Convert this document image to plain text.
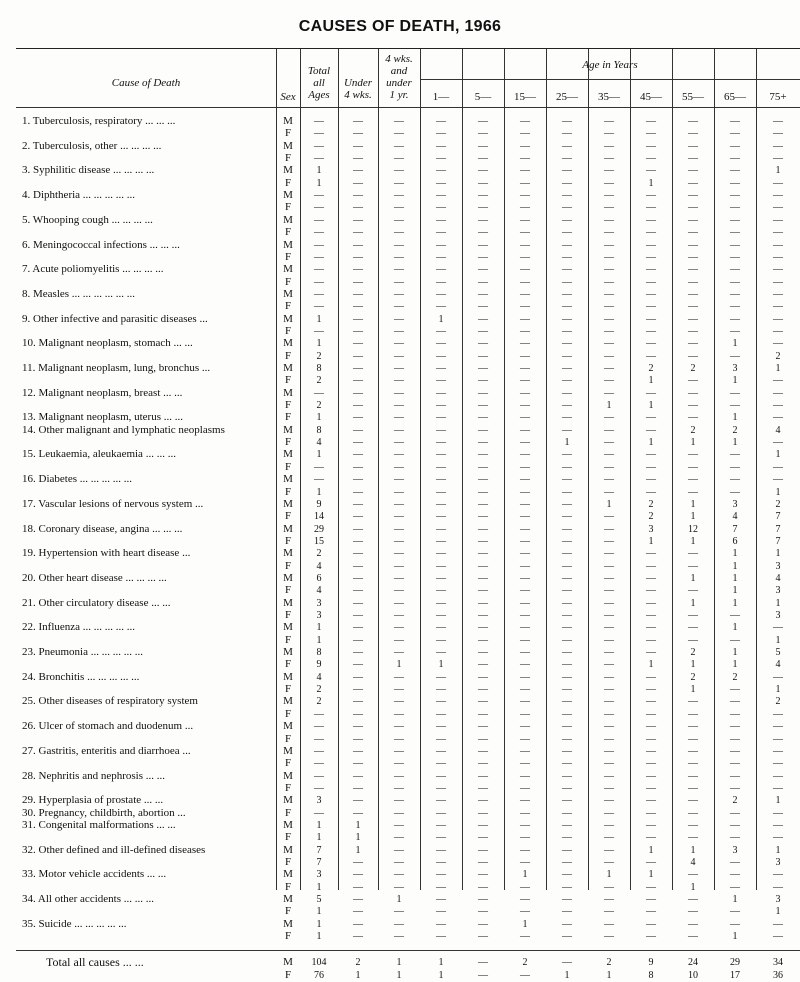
CAUSES OF DEATH, 1966
Cause of Death
Sex
Total
all
Ages
Under
4 wks.
4 wks.
and
under
1 yr.
Age in Years
1—	5—	15—	25—	35—	45—	55—	65—	75+
1. Tuberculosis, respiratory ... ... ...	M	—	—	—	—	—	—	—	—	—	—	—	—
F	—	—	—	—	—	—	—	—	—	—	—	—
2. Tuberculosis, other ... ... ... ...	M	—	—	—	—	—	—	—	—	—	—	—	—
F	—	—	—	—	—	—	—	—	—	—	—	—
3. Syphilitic disease ... ... ... ...	M	1	—	—	—	—	—	—	—	—	—	—	1
F	1	—	—	—	—	—	—	—	1	—	—	—
4. Diphtheria ... ... ... ... ...	M	—	—	—	—	—	—	—	—	—	—	—	—
F	—	—	—	—	—	—	—	—	—	—	—	—
5. Whooping cough ... ... ... ...	M	—	—	—	—	—	—	—	—	—	—	—	—
F	—	—	—	—	—	—	—	—	—	—	—	—
6. Meningococcal infections ... ... ...	M	—	—	—	—	—	—	—	—	—	—	—	—
F	—	—	—	—	—	—	—	—	—	—	—	—
7. Acute poliomyelitis ... ... ... ...	M	—	—	—	—	—	—	—	—	—	—	—	—
F	—	—	—	—	—	—	—	—	—	—	—	—
8. Measles ... ... ... ... ... ...	M	—	—	—	—	—	—	—	—	—	—	—	—
F	—	—	—	—	—	—	—	—	—	—	—	—
9. Other infective and parasitic diseases ...	M	1	—	—	1	—	—	—	—	—	—	—	—
F	—	—	—	—	—	—	—	—	—	—	—	—
10. Malignant neoplasm, stomach ... ...	M	1	—	—	—	—	—	—	—	—	—	1	—
F	2	—	—	—	—	—	—	—	—	—	—	2
11. Malignant neoplasm, lung, bronchus ...	M	8	—	—	—	—	—	—	—	2	2	3	1
F	2	—	—	—	—	—	—	—	1	—	1	—
12. Malignant neoplasm, breast ... ...	M	—	—	—	—	—	—	—	—	—	—	—	—
F	2	—	—	—	—	—	—	1	1	—	—	—
13. Malignant neoplasm, uterus ... ...	F	1	—	—	—	—	—	—	—	—	—	1	—
14. Other malignant and lymphatic neoplasms	M	8	—	—	—	—	—	—	—	—	2	2	4
F	4	—	—	—	—	—	1	—	1	1	1	—
15. Leukaemia, aleukaemia ... ... ...	M	1	—	—	—	—	—	—	—	—	—	—	1
F	—	—	—	—	—	—	—	—	—	—	—	—
16. Diabetes ... ... ... ... ...	M	—	—	—	—	—	—	—	—	—	—	—	—
F	1	—	—	—	—	—	—	—	—	—	—	1
17. Vascular lesions of nervous system ...	M	9	—	—	—	—	—	—	1	2	1	3	2
F	14	—	—	—	—	—	—	—	2	1	4	7
18. Coronary disease, angina ... ... ...	M	29	—	—	—	—	—	—	—	3	12	7	7
F	15	—	—	—	—	—	—	—	1	1	6	7
19. Hypertension with heart disease ...	M	2	—	—	—	—	—	—	—	—	—	1	1
F	4	—	—	—	—	—	—	—	—	—	1	3
20. Other heart disease ... ... ... ...	M	6	—	—	—	—	—	—	—	—	1	1	4
F	4	—	—	—	—	—	—	—	—	—	1	3
21. Other circulatory disease ... ...	M	3	—	—	—	—	—	—	—	—	1	1	1
F	3	—	—	—	—	—	—	—	—	—	—	3
22. Influenza ... ... ... ... ...	M	1	—	—	—	—	—	—	—	—	—	1	—
F	1	—	—	—	—	—	—	—	—	—	—	1
23. Pneumonia ... ... ... ... ...	M	8	—	—	—	—	—	—	—	—	2	1	5
F	9	—	1	1	—	—	—	—	1	1	1	4
24. Bronchitis ... ... ... ... ...	M	4	—	—	—	—	—	—	—	—	2	2	—
F	2	—	—	—	—	—	—	—	—	1	—	1
25. Other diseases of respiratory system	M	2	—	—	—	—	—	—	—	—	—	—	2
F	—	—	—	—	—	—	—	—	—	—	—	—
26. Ulcer of stomach and duodenum ...	M	—	—	—	—	—	—	—	—	—	—	—	—
F	—	—	—	—	—	—	—	—	—	—	—	—
27. Gastritis, enteritis and diarrhoea ...	M	—	—	—	—	—	—	—	—	—	—	—	—
F	—	—	—	—	—	—	—	—	—	—	—	—
28. Nephritis and nephrosis ... ...	M	—	—	—	—	—	—	—	—	—	—	—	—
F	—	—	—	—	—	—	—	—	—	—	—	—
29. Hyperplasia of prostate ... ...	M	3	—	—	—	—	—	—	—	—	—	2	1
30. Pregnancy, childbirth, abortion ...	F	—	—	—	—	—	—	—	—	—	—	—	—
31. Congenital malformations ... ...	M	1	1	—	—	—	—	—	—	—	—	—	—
F	1	1	—	—	—	—	—	—	—	—	—	—
32. Other defined and ill-defined diseases	M	7	1	—	—	—	—	—	—	1	1	3	1
F	7	—	—	—	—	—	—	—	—	4	—	3
33. Motor vehicle accidents ... ...	M	3	—	—	—	—	1	—	1	1	—	—	—
F	1	—	—	—	—	—	—	—	—	1	—	—
34. All other accidents ... ... ...	M	5	—	1	—	—	—	—	—	—	—	1	3
F	1	—	—	—	—	—	—	—	—	—	—	1
35. Suicide ... ... ... ... ...	M	1	—	—	—	—	1	—	—	—	—	—	—
F	1	—	—	—	—	—	—	—	—	—	1	—
Total all causes ... ...	M	104	2	1	1	—	2	—	2	9	24	29	34
F	76	1	1	1	—	—	1	1	8	10	17	36
